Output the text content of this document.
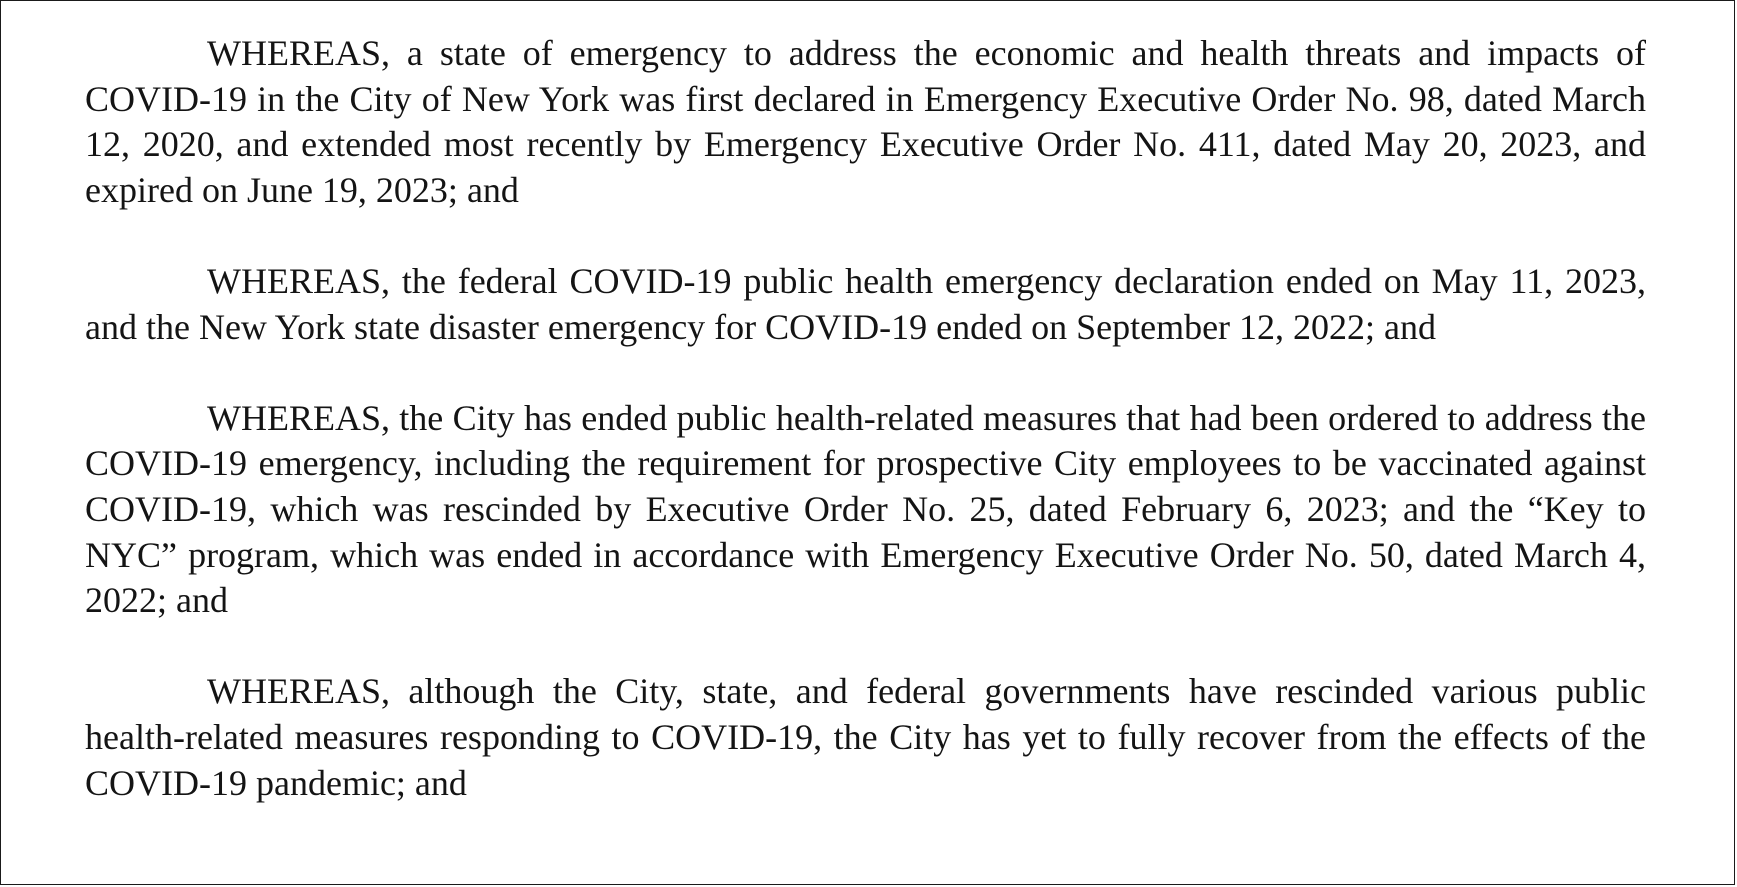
WHEREAS, a state of emergency to address the economic and health threats and impacts of COVID-19 in the City of New York was first declared in Emergency Executive Order No. 98, dated March 12, 2020, and extended most recently by Emergency Executive Order No. 411, dated May 20, 2023, and expired on June 19, 2023; and

WHEREAS, the federal COVID-19 public health emergency declaration ended on May 11, 2023, and the New York state disaster emergency for COVID-19 ended on September 12, 2022; and

WHEREAS, the City has ended public health-related measures that had been ordered to address the COVID-19 emergency, including the requirement for prospective City employees to be vaccinated against COVID-19, which was rescinded by Executive Order No. 25, dated February 6, 2023; and the “Key to NYC” program, which was ended in accordance with Emergency Executive Order No. 50, dated March 4, 2022; and

WHEREAS, although the City, state, and federal governments have rescinded various public health-related measures responding to COVID-19, the City has yet to fully recover from the effects of the COVID-19 pandemic; and
